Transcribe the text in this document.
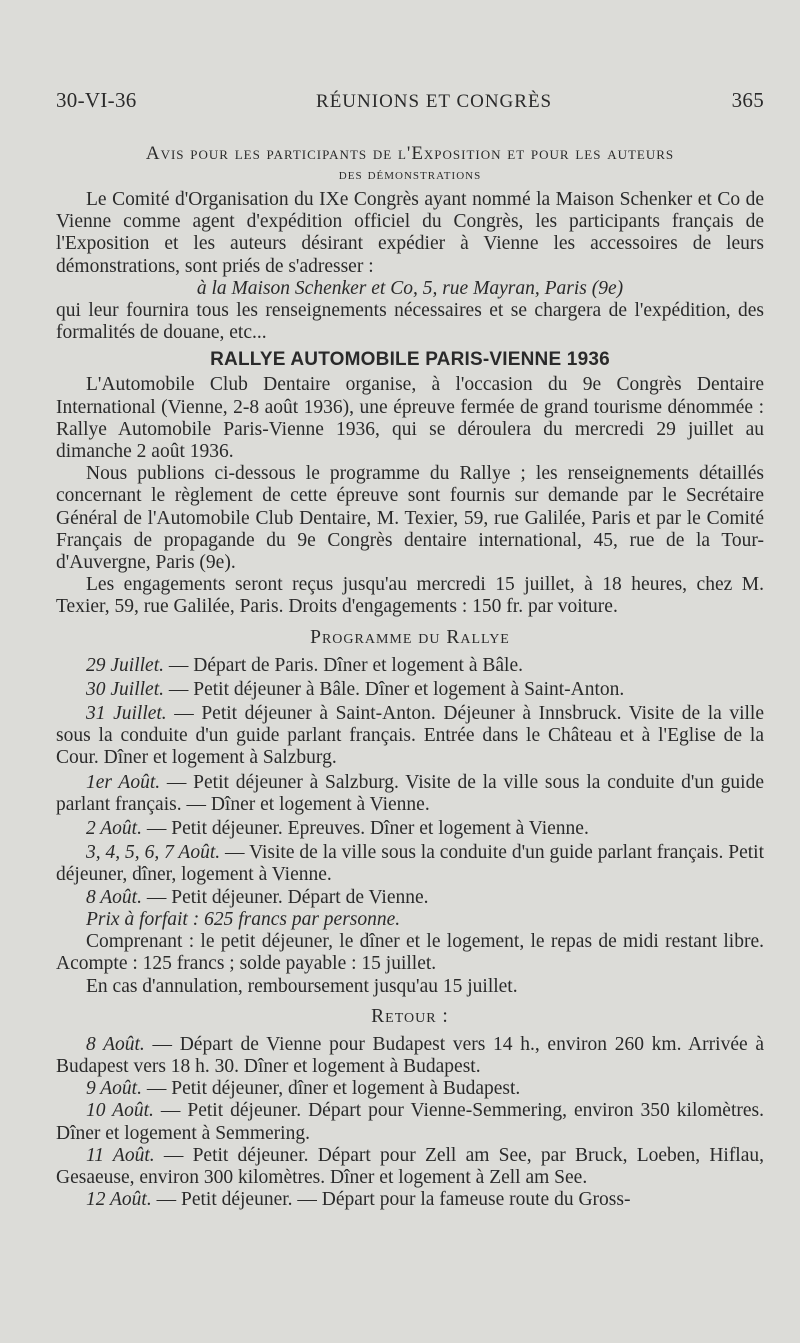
30-VI-36	RÉUNIONS ET CONGRÈS	365
Avis pour les participants de l'Exposition et pour les auteurs
des démonstrations

Le Comité d'Organisation du IXe Congrès ayant nommé la Maison Schenker et Co de Vienne comme agent d'expédition officiel du Congrès, les participants français de l'Exposition et les auteurs désirant expédier à Vienne les accessoires de leurs démonstrations, sont priés de s'adresser :

à la Maison Schenker et Co, 5, rue Mayran, Paris (9e)

qui leur fournira tous les renseignements nécessaires et se chargera de l'expédition, des formalités de douane, etc...

RALLYE AUTOMOBILE PARIS-VIENNE 1936

L'Automobile Club Dentaire organise, à l'occasion du 9e Congrès Dentaire International (Vienne, 2-8 août 1936), une épreuve fermée de grand tourisme dénommée : Rallye Automobile Paris-Vienne 1936, qui se déroulera du mercredi 29 juillet au dimanche 2 août 1936.

Nous publions ci-dessous le programme du Rallye ; les renseignements détaillés concernant le règlement de cette épreuve sont fournis sur demande par le Secrétaire Général de l'Automobile Club Dentaire, M. Texier, 59, rue Galilée, Paris et par le Comité Français de propagande du 9e Congrès dentaire international, 45, rue de la Tour-d'Auvergne, Paris (9e).

Les engagements seront reçus jusqu'au mercredi 15 juillet, à 18 heures, chez M. Texier, 59, rue Galilée, Paris. Droits d'engagements : 150 fr. par voiture.

Programme du Rallye

29 Juillet. — Départ de Paris. Dîner et logement à Bâle.

30 Juillet. — Petit déjeuner à Bâle. Dîner et logement à Saint-Anton.

31 Juillet. — Petit déjeuner à Saint-Anton. Déjeuner à Innsbruck. Visite de la ville sous la conduite d'un guide parlant français. Entrée dans le Château et à l'Eglise de la Cour. Dîner et logement à Salzburg.

1er Août. — Petit déjeuner à Salzburg. Visite de la ville sous la conduite d'un guide parlant français. — Dîner et logement à Vienne.

2 Août. — Petit déjeuner. Epreuves. Dîner et logement à Vienne.

3, 4, 5, 6, 7 Août. — Visite de la ville sous la conduite d'un guide parlant français. Petit déjeuner, dîner, logement à Vienne.

8 Août. — Petit déjeuner. Départ de Vienne.

Prix à forfait : 625 francs par personne.

Comprenant : le petit déjeuner, le dîner et le logement, le repas de midi restant libre. Acompte : 125 francs ; solde payable : 15 juillet.

En cas d'annulation, remboursement jusqu'au 15 juillet.

Retour :

8 Août. — Départ de Vienne pour Budapest vers 14 h., environ 260 km. Arrivée à Budapest vers 18 h. 30. Dîner et logement à Budapest.

9 Août. — Petit déjeuner, dîner et logement à Budapest.

10 Août. — Petit déjeuner. Départ pour Vienne-Semmering, environ 350 kilomètres. Dîner et logement à Semmering.

11 Août. — Petit déjeuner. Départ pour Zell am See, par Bruck, Loeben, Hiflau, Gesaeuse, environ 300 kilomètres. Dîner et logement à Zell am See.

12 Août. — Petit déjeuner. — Départ pour la fameuse route du Gross-
